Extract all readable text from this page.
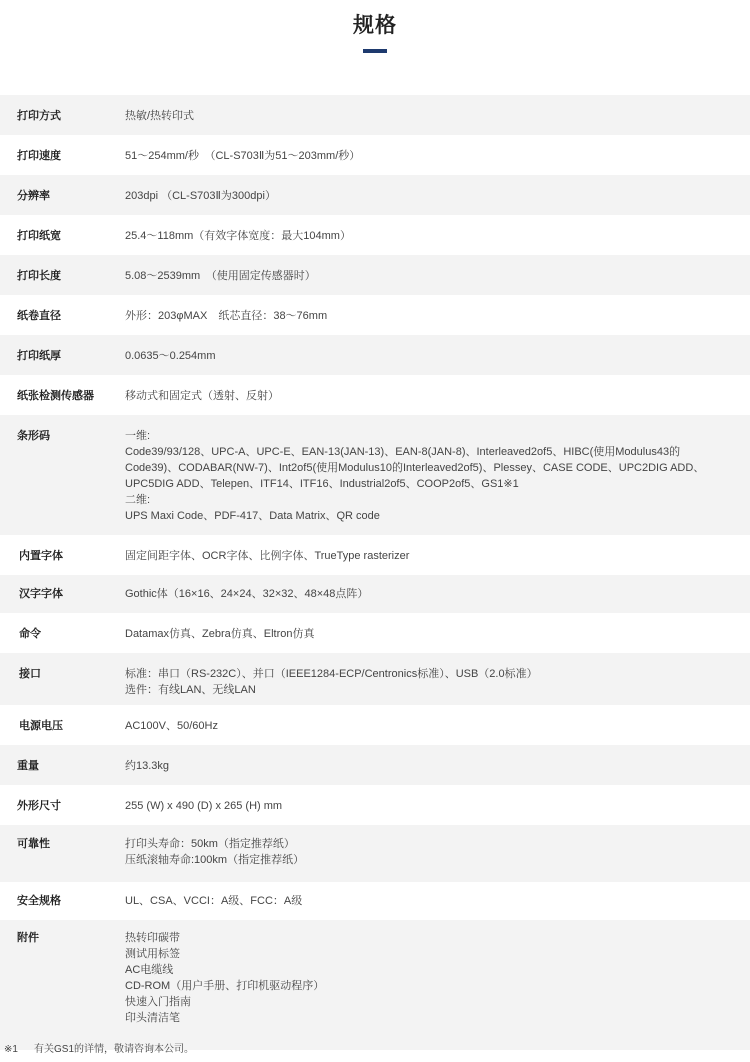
规格
打印方式	热敏/热转印式
打印速度	51～254mm/秒　（CL-S703Ⅱ为51～203mm/秒）
分辨率	203dpi （CL-S703Ⅱ为300dpi）
打印纸宽	25.4～118mm（有效字体宽度：最大104mm）
打印长度	5.08～2539mm　（使用固定传感器时）
纸卷直径	外形：203φMAX　纸芯直径：38～76mm
打印纸厚	0.0635～0.254mm
纸张检测传感器	移动式和固定式（透射、反射）
条形码	一维:
Code39/93/128、UPC-A、UPC-E、EAN-13(JAN-13)、EAN-8(JAN-8)、Interleaved2of5、HIBC(使用Modulus43的
Code39)、CODABAR(NW-7)、Int2of5(使用Modulus10的Interleaved2of5)、Plessey、CASE CODE、UPC2DIG ADD、
UPC5DIG ADD、Telepen、ITF14、ITF16、Industrial2of5、COOP2of5、GS1※1
二维:
UPS Maxi Code、PDF-417、Data Matrix、QR code
内置字体	固定间距字体、OCR字体、比例字体、TrueType rasterizer
汉字字体	Gothic体（16×16、24×24、32×32、48×48点阵）
命令	Datamax仿真、Zebra仿真、Eltron仿真
接口	标准：串口（RS-232C）、并口（IEEE1284-ECP/Centronics标准）、USB（2.0标准）
选件：有线LAN、无线LAN
电源电压	AC100V、50/60Hz
重量	约13.3kg
外形尺寸	255 (W) x 490 (D) x 265 (H) mm
可靠性	打印头寿命：50km（指定推荐纸）
压纸滚轴寿命:100km（指定推荐纸）
安全规格	UL、CSA、VCCI：A级、FCC：A级
附件	热转印碳带
测试用标签
AC电缆线
CD-ROM（用户手册、打印机驱动程序）
快速入门指南
印头清洁笔
※1 有关GS1的详情，敬请咨询本公司。
